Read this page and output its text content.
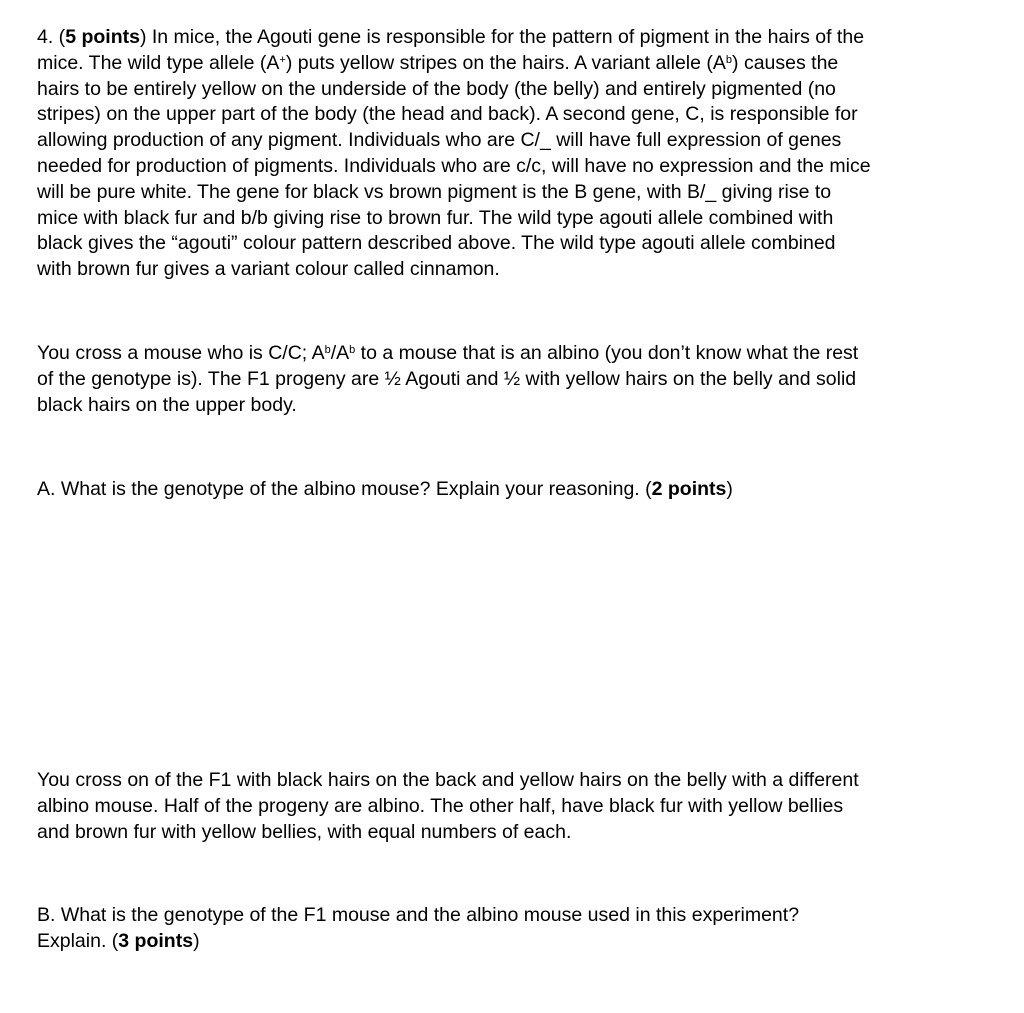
4. (5 points) In mice, the Agouti gene is responsible for the pattern of pigment in the hairs of the
mice. The wild type allele (A+) puts yellow stripes on the hairs. A variant allele $(A^b)$ causes the
hairs to be entirely yellow on the underside of the body (the belly) and entirely pigmented (no
stripes) on the upper part of the body (the head and back). A second gene, C, is responsible for
allowing production of any pigment. Individuals who are C/_ will have full expression of genes
needed for production of pigments. Individuals who are c/c, will have no expression and the mice
will be pure white. The gene for black vs brown pigment is the B gene, with B/_ giving rise to
mice with black fur and b/b giving rise to brown fur. The wild type agouti allele combined with
black gives the “agouti” colour pattern described above. The wild type agouti allele combined
with brown fur gives a variant colour called cinnamon.
You cross a mouse who is C/C; $A^b/A^b$ to a mouse that is an albino (you don’t know what the rest
of the genotype is). The F1 progeny are ½ Agouti and ½ with yellow hairs on the belly and solid
black hairs on the upper body.
A. What is the genotype of the albino mouse? Explain your reasoning. (2 points)
You cross on of the F1 with black hairs on the back and yellow hairs on the belly with a different
albino mouse. Half of the progeny are albino. The other half, have black fur with yellow bellies
and brown fur with yellow bellies, with equal numbers of each.
B. What is the genotype of the F1 mouse and the albino mouse used in this experiment?
Explain. (3 points)
